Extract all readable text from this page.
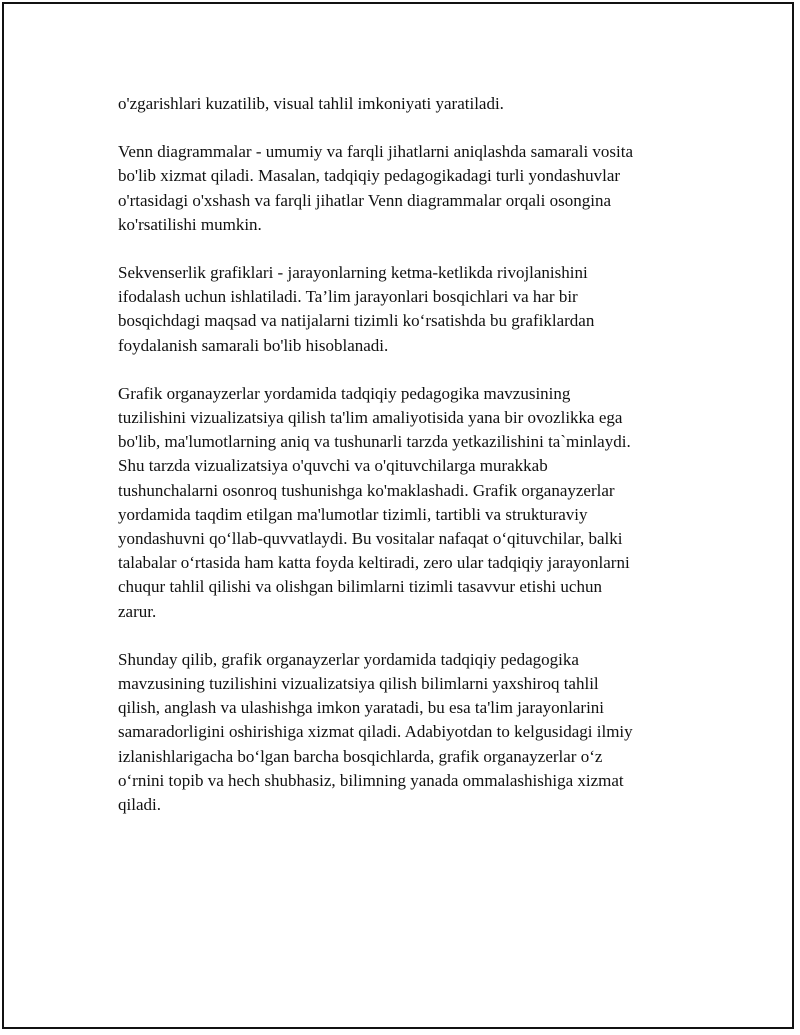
o'zgarishlari kuzatilib, visual tahlil imkoniyati yaratiladi.

Venn diagrammalar - umumiy va farqli jihatlarni aniqlashda samarali vosita
bo'lib xizmat qiladi. Masalan, tadqiqiy pedagogikadagi turli yondashuvlar
o'rtasidagi o'xshash va farqli jihatlar Venn diagrammalar orqali osongina
ko'rsatilishi mumkin.

Sekvenserlik grafiklari - jarayonlarning ketma-ketlikda rivojlanishini
ifodalash uchun ishlatiladi. Ta’lim jarayonlari bosqichlari va har bir
bosqichdagi maqsad va natijalarni tizimli ko‘rsatishda bu grafiklardan
foydalanish samarali bo'lib hisoblanadi.

Grafik organayzerlar yordamida tadqiqiy pedagogika mavzusining
tuzilishini vizualizatsiya qilish ta'lim amaliyotisida yana bir ovozlikka ega
bo'lib, ma'lumotlarning aniq va tushunarli tarzda yetkazilishini ta`minlaydi.
Shu tarzda vizualizatsiya o'quvchi va o'qituvchilarga murakkab
tushunchalarni osonroq tushunishga ko'maklashadi. Grafik organayzerlar
yordamida taqdim etilgan ma'lumotlar tizimli, tartibli va strukturaviy
yondashuvni qo‘llab-quvvatlaydi. Bu vositalar nafaqat o‘qituvchilar, balki
talabalar o‘rtasida ham katta foyda keltiradi, zero ular tadqiqiy jarayonlarni
chuqur tahlil qilishi va olishgan bilimlarni tizimli tasavvur etishi uchun
zarur.

Shunday qilib, grafik organayzerlar yordamida tadqiqiy pedagogika
mavzusining tuzilishini vizualizatsiya qilish bilimlarni yaxshiroq tahlil
qilish, anglash va ulashishga imkon yaratadi, bu esa ta'lim jarayonlarini
samaradorligini oshirishiga xizmat qiladi. Adabiyotdan to kelgusidagi ilmiy
izlanishlarigacha bo‘lgan barcha bosqichlarda, grafik organayzerlar o‘z
o‘rnini topib va hech shubhasiz, bilimning yanada ommalashishiga xizmat
qiladi.
